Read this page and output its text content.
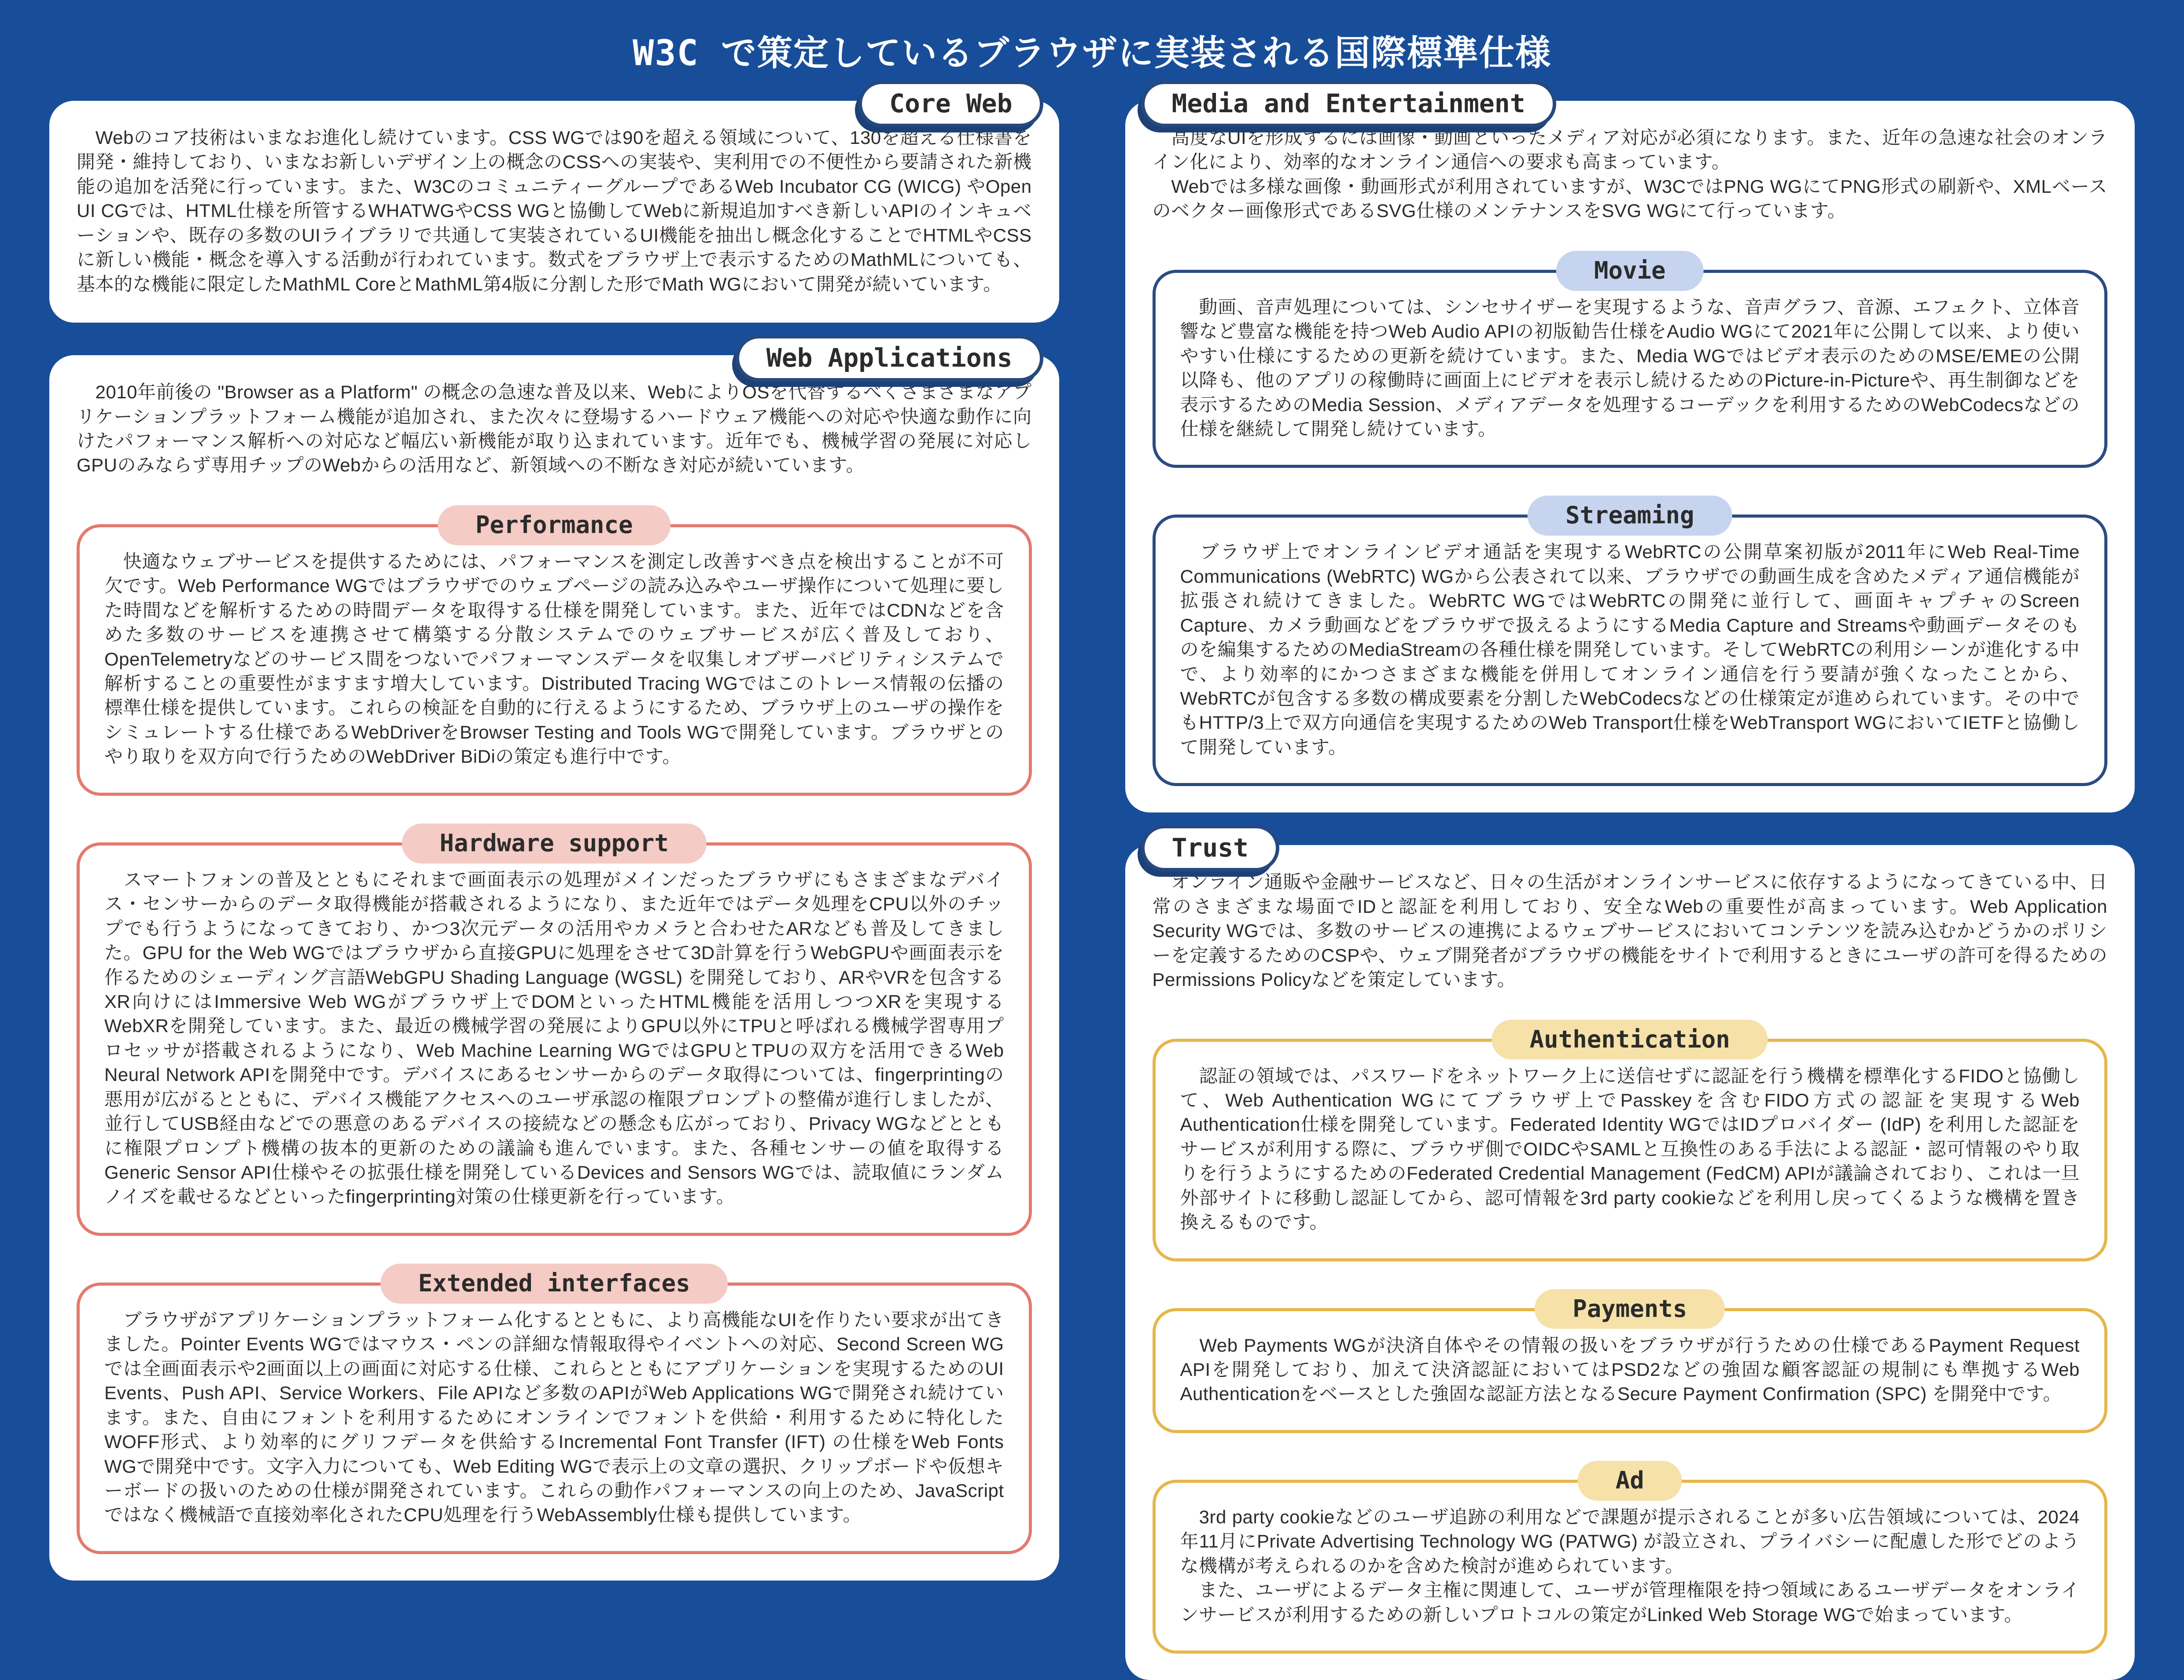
W3C で策定しているブラウザに実装される国際標準仕様
Core Web

　Webのコア技術はいまなお進化し続けています。CSS WGでは90を超える領域について、130を超える仕様書を開発・維持しており、いまなお新しいデザイン上の概念のCSSへの実装や、実利用での不便性から要請された新機能の追加を活発に行っています。また、W3CのコミュニティーグループであるWeb Incubator CG (WICG) やOpen UI CGでは、HTML仕様を所管するWHATWGやCSS WGと協働してWebに新規追加すべき新しいAPIのインキュベーションや、既存の多数のUIライブラリで共通して実装されているUI機能を抽出し概念化することでHTMLやCSSに新しい機能・概念を導入する活動が行われています。数式をブラウザ上で表示するためのMathMLについても、基本的な機能に限定したMathML CoreとMathML第4版に分割した形でMath WGにおいて開発が続いています。

Web Applications

　2010年前後の "Browser as a Platform" の概念の急速な普及以来、WebによりOSを代替するべくさまざまなアプリケーションプラットフォーム機能が追加され、また次々に登場するハードウェア機能への対応や快適な動作に向けたパフォーマンス解析への対応など幅広い新機能が取り込まれています。近年でも、機械学習の発展に対応しGPUのみならず専用チップのWebからの活用など、新領域への不断なき対応が続いています。

Performance

　快適なウェブサービスを提供するためには、パフォーマンスを測定し改善すべき点を検出することが不可欠です。Web Performance WGではブラウザでのウェブページの読み込みやユーザ操作について処理に要した時間などを解析するための時間データを取得する仕様を開発しています。また、近年ではCDNなどを含めた多数のサービスを連携させて構築する分散システムでのウェブサービスが広く普及しており、OpenTelemetryなどのサービス間をつないでパフォーマンスデータを収集しオブザーバビリティシステムで解析することの重要性がますます増大しています。Distributed Tracing WGではこのトレース情報の伝播の標準仕様を提供しています。これらの検証を自動的に行えるようにするため、ブラウザ上のユーザの操作をシミュレートする仕様であるWebDriverをBrowser Testing and Tools WGで開発しています。ブラウザとのやり取りを双方向で行うためのWebDriver BiDiの策定も進行中です。

Hardware support

　スマートフォンの普及とともにそれまで画面表示の処理がメインだったブラウザにもさまざまなデバイス・センサーからのデータ取得機能が搭載されるようになり、また近年ではデータ処理をCPU以外のチップでも行うようになってきており、かつ3次元データの活用やカメラと合わせたARなども普及してきました。GPU for the Web WGではブラウザから直接GPUに処理をさせて3D計算を行うWebGPUや画面表示を作るためのシェーディング言語WebGPU Shading Language (WGSL) を開発しており、ARやVRを包含するXR向けにはImmersive Web WGがブラウザ上でDOMといったHTML機能を活用しつつXRを実現するWebXRを開発しています。また、最近の機械学習の発展によりGPU以外にTPUと呼ばれる機械学習専用プロセッサが搭載されるようになり、Web Machine Learning WGではGPUとTPUの双方を活用できるWeb Neural Network APIを開発中です。デバイスにあるセンサーからのデータ取得については、fingerprintingの悪用が広がるとともに、デバイス機能アクセスへのユーザ承認の権限プロンプトの整備が進行しましたが、並行してUSB経由などでの悪意のあるデバイスの接続などの懸念も広がっており、Privacy WGなどとともに権限プロンプト機構の抜本的更新のための議論も進んでいます。また、各種センサーの値を取得するGeneric Sensor API仕様やその拡張仕様を開発しているDevices and Sensors WGでは、読取値にランダムノイズを載せるなどといったfingerprinting対策の仕様更新を行っています。

Extended interfaces

　ブラウザがアプリケーションプラットフォーム化するとともに、より高機能なUIを作りたい要求が出てきました。Pointer Events WGではマウス・ペンの詳細な情報取得やイベントへの対応、Second Screen WGでは全画面表示や2画面以上の画面に対応する仕様、これらとともにアプリケーションを実現するためのUI Events、Push API、Service Workers、File APIなど多数のAPIがWeb Applications WGで開発され続けています。また、自由にフォントを利用するためにオンラインでフォントを供給・利用するために特化したWOFF形式、より効率的にグリフデータを供給するIncremental Font Transfer (IFT) の仕様をWeb Fonts WGで開発中です。文字入力についても、Web Editing WGで表示上の文章の選択、クリップボードや仮想キーボードの扱いのための仕様が開発されています。これらの動作パフォーマンスの向上のため、JavaScriptではなく機械語で直接効率化されたCPU処理を行うWebAssembly仕様も提供しています。

Media and Entertainment

　高度なUIを形成するには画像・動画といったメディア対応が必須になります。また、近年の急速な社会のオンライン化により、効率的なオンライン通信への要求も高まっています。

　Webでは多様な画像・動画形式が利用されていますが、W3CではPNG WGにてPNG形式の刷新や、XMLベースのベクター画像形式であるSVG仕様のメンテナンスをSVG WGにて行っています。

Movie

　動画、音声処理については、シンセサイザーを実現するような、音声グラフ、音源、エフェクト、立体音響など豊富な機能を持つWeb Audio APIの初版勧告仕様をAudio WGにて2021年に公開して以来、より使いやすい仕様にするための更新を続けています。また、Media WGではビデオ表示のためのMSE/EMEの公開以降も、他のアプリの稼働時に画面上にビデオを表示し続けるためのPicture-in-Pictureや、再生制御などを表示するためのMedia Session、メディアデータを処理するコーデックを利用するためのWebCodecsなどの仕様を継続して開発し続けています。

Streaming

　ブラウザ上でオンラインビデオ通話を実現するWebRTCの公開草案初版が2011年にWeb Real-Time Communications (WebRTC) WGから公表されて以来、ブラウザでの動画生成を含めたメディア通信機能が拡張され続けてきました。WebRTC WGではWebRTCの開発に並行して、画面キャプチャのScreen Capture、カメラ動画などをブラウザで扱えるようにするMedia Capture and Streamsや動画データそのものを編集するためのMediaStreamの各種仕様を開発しています。そしてWebRTCの利用シーンが進化する中で、より効率的にかつさまざまな機能を併用してオンライン通信を行う要請が強くなったことから、WebRTCが包含する多数の構成要素を分割したWebCodecsなどの仕様策定が進められています。その中でもHTTP/3上で双方向通信を実現するためのWeb Transport仕様をWebTransport WGにおいてIETFと協働して開発しています。

Trust

　オンライン通販や金融サービスなど、日々の生活がオンラインサービスに依存するようになってきている中、日常のさまざまな場面でIDと認証を利用しており、安全なWebの重要性が高まっています。Web Application Security WGでは、多数のサービスの連携によるウェブサービスにおいてコンテンツを読み込むかどうかのポリシーを定義するためのCSPや、ウェブ開発者がブラウザの機能をサイトで利用するときにユーザの許可を得るためのPermissions Policyなどを策定しています。

Authentication

　認証の領域では、パスワードをネットワーク上に送信せずに認証を行う機構を標準化するFIDOと協働して、Web Authentication WGにてブラウザ上でPasskeyを含むFIDO方式の認証を実現するWeb Authentication仕様を開発しています。Federated Identity WGではIDプロバイダー (IdP) を利用した認証をサービスが利用する際に、ブラウザ側でOIDCやSAMLと互換性のある手法による認証・認可情報のやり取りを行うようにするためのFederated Credential Management (FedCM) APIが議論されており、これは一旦外部サイトに移動し認証してから、認可情報を3rd party cookieなどを利用し戻ってくるような機構を置き換えるものです。

Payments

　Web Payments WGが決済自体やその情報の扱いをブラウザが行うための仕様であるPayment Request APIを開発しており、加えて決済認証においてはPSD2などの強固な顧客認証の規制にも準拠するWeb Authenticationをベースとした強固な認証方法となるSecure Payment Confirmation (SPC) を開発中です。

Ad

　3rd party cookieなどのユーザ追跡の利用などで課題が提示されることが多い広告領域については、2024年11月にPrivate Advertising Technology WG (PATWG) が設立され、プライバシーに配慮した形でどのような機構が考えられるのかを含めた検討が進められています。

　また、ユーザによるデータ主権に関連して、ユーザが管理権限を持つ領域にあるユーザデータをオンラインサービスが利用するための新しいプロトコルの策定がLinked Web Storage WGで始まっています。
